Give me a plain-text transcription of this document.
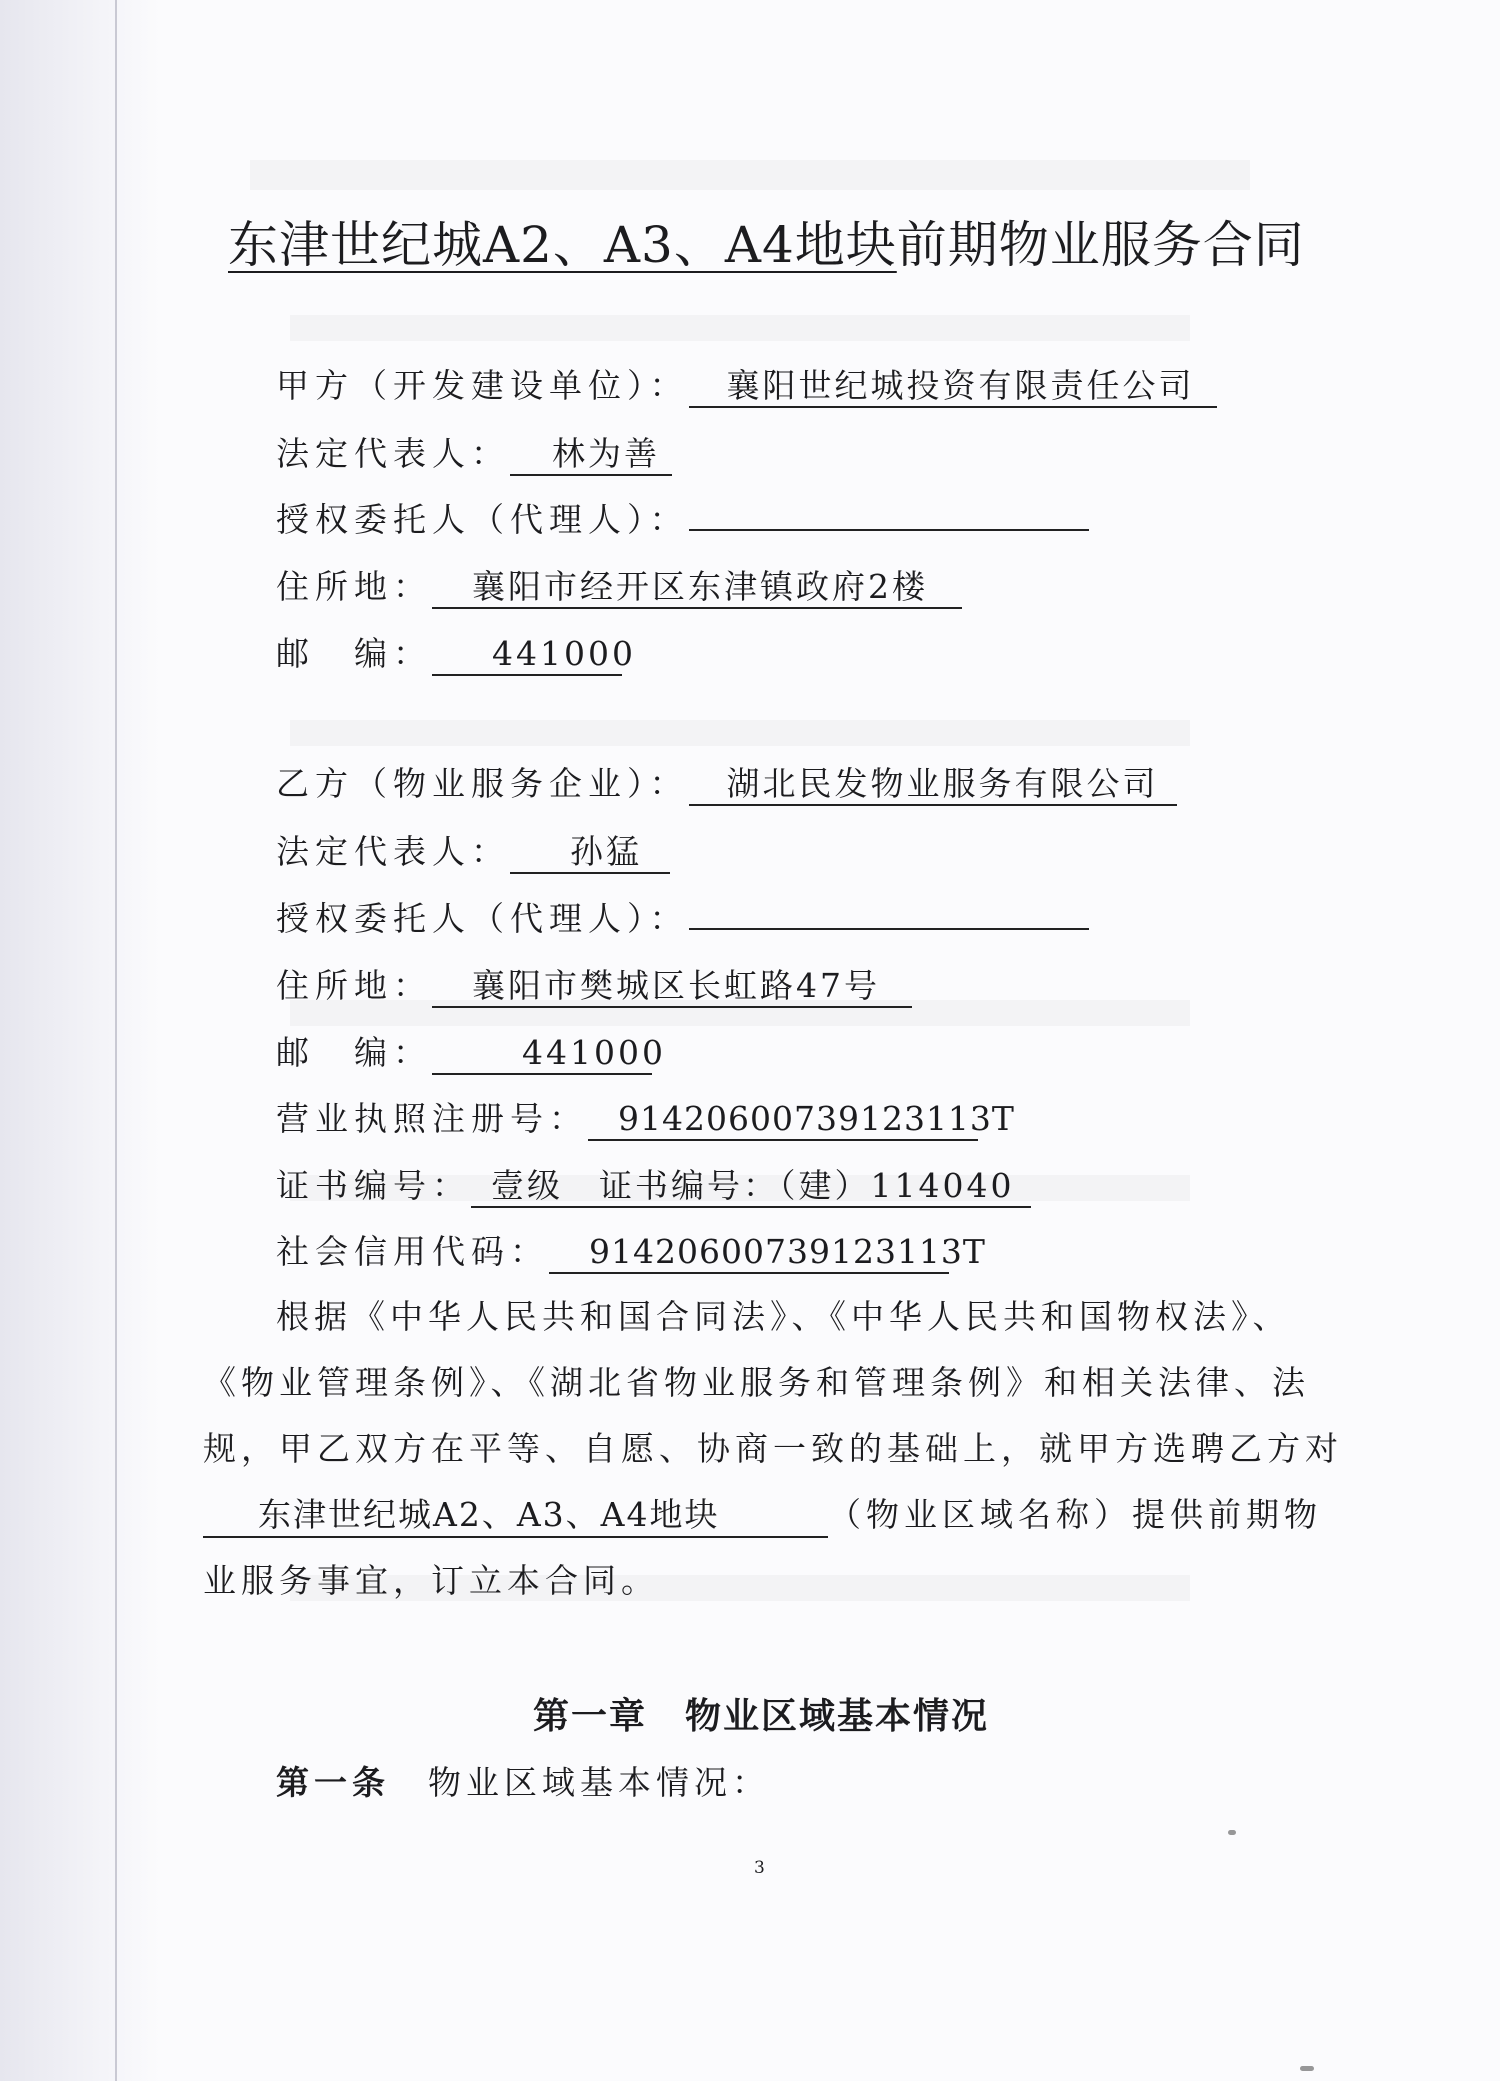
东津世纪城A2、A3、A4地块前期物业服务合同
甲方（开发建设单位）： 襄阳世纪城投资有限责任公司
法定代表人： 林为善
授权委托人（代理人）：
住所地： 襄阳市经开区东津镇政府2楼
邮　编： 441000
乙方（物业服务企业）： 湖北民发物业服务有限公司
法定代表人： 孙猛
授权委托人（代理人）：
住所地： 襄阳市樊城区长虹路47号
邮　编：	441000
营业执照注册号： 91420600739123113T
证书编号： 壹级　 证书编号：（建）114040
社会信用代码： 91420600739123113T
根据《中华人民共和国合同法》、《中华人民共和国物权法》、
《物业管理条例》、《湖北省物业服务和管理条例》和相关法律、法
规，甲乙双方在平等、自愿、协商一致的基础上，就甲方选聘乙方对
东津世纪城A2、A3、A4地块	（物业区域名称）提供前期物
业服务事宜，订立本合同。
第一章　物业区域基本情况
第一条　 物业区域基本情况：
3
